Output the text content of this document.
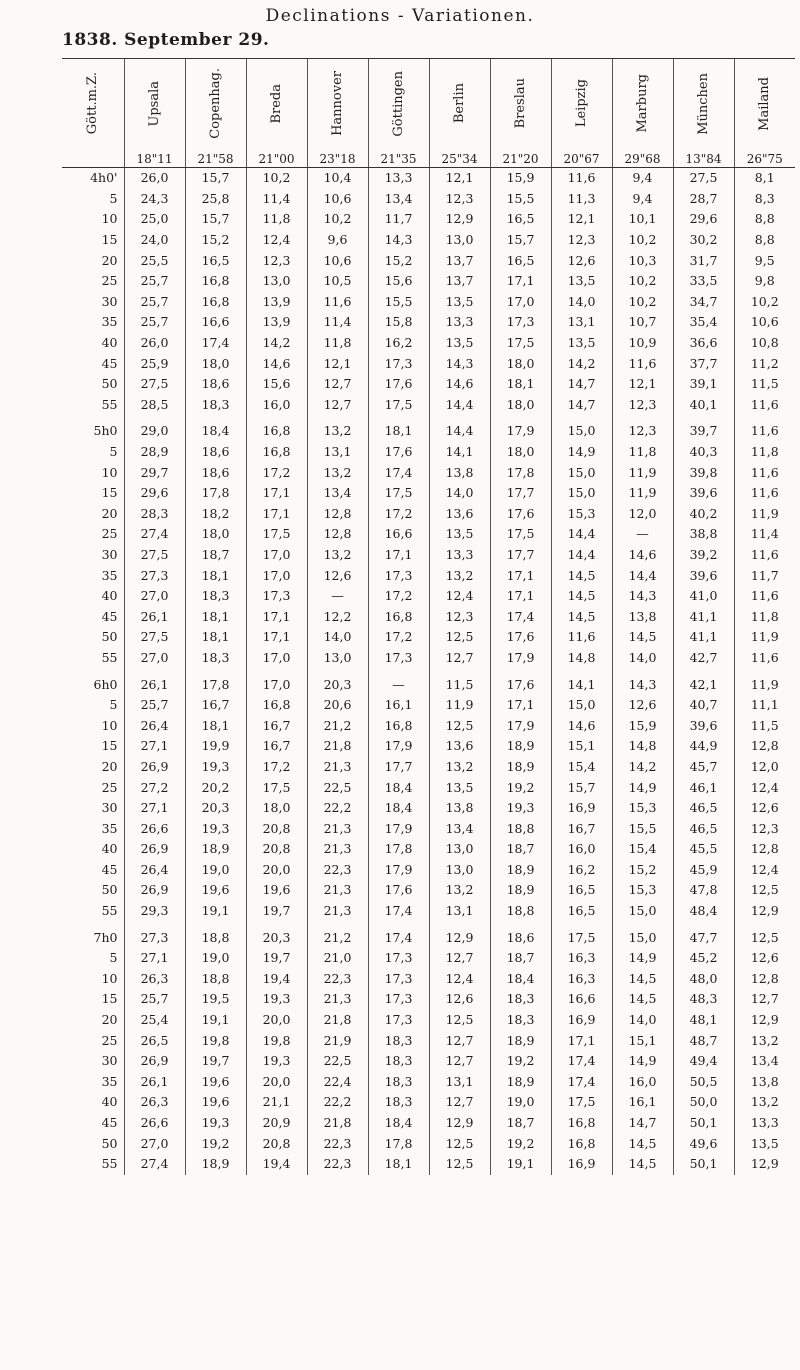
Declinations - Variationen.
1838. September 29.
Gött.m.Z.	Upsala	Copenhag.	Breda	Hannover	Göttingen	Berlin	Breslau	Leipzig	Marburg	München	Mailand
	18"11	21"58	21"00	23"18	21"35	25"34	21"20	20"67	29"68	13"84	26"75
4h0'	26,0	15,7	10,2	10,4	13,3	12,1	15,9	11,6	9,4	27,5	8,1
5	24,3	25,8	11,4	10,6	13,4	12,3	15,5	11,3	9,4	28,7	8,3
10	25,0	15,7	11,8	10,2	11,7	12,9	16,5	12,1	10,1	29,6	8,8
15	24,0	15,2	12,4	9,6	14,3	13,0	15,7	12,3	10,2	30,2	8,8
20	25,5	16,5	12,3	10,6	15,2	13,7	16,5	12,6	10,3	31,7	9,5
25	25,7	16,8	13,0	10,5	15,6	13,7	17,1	13,5	10,2	33,5	9,8
30	25,7	16,8	13,9	11,6	15,5	13,5	17,0	14,0	10,2	34,7	10,2
35	25,7	16,6	13,9	11,4	15,8	13,3	17,3	13,1	10,7	35,4	10,6
40	26,0	17,4	14,2	11,8	16,2	13,5	17,5	13,5	10,9	36,6	10,8
45	25,9	18,0	14,6	12,1	17,3	14,3	18,0	14,2	11,6	37,7	11,2
50	27,5	18,6	15,6	12,7	17,6	14,6	18,1	14,7	12,1	39,1	11,5
55	28,5	18,3	16,0	12,7	17,5	14,4	18,0	14,7	12,3	40,1	11,6

5h0	29,0	18,4	16,8	13,2	18,1	14,4	17,9	15,0	12,3	39,7	11,6
5	28,9	18,6	16,8	13,1	17,6	14,1	18,0	14,9	11,8	40,3	11,8
10	29,7	18,6	17,2	13,2	17,4	13,8	17,8	15,0	11,9	39,8	11,6
15	29,6	17,8	17,1	13,4	17,5	14,0	17,7	15,0	11,9	39,6	11,6
20	28,3	18,2	17,1	12,8	17,2	13,6	17,6	15,3	12,0	40,2	11,9
25	27,4	18,0	17,5	12,8	16,6	13,5	17,5	14,4	—	38,8	11,4
30	27,5	18,7	17,0	13,2	17,1	13,3	17,7	14,4	14,6	39,2	11,6
35	27,3	18,1	17,0	12,6	17,3	13,2	17,1	14,5	14,4	39,6	11,7
40	27,0	18,3	17,3	—	17,2	12,4	17,1	14,5	14,3	41,0	11,6
45	26,1	18,1	17,1	12,2	16,8	12,3	17,4	14,5	13,8	41,1	11,8
50	27,5	18,1	17,1	14,0	17,2	12,5	17,6	11,6	14,5	41,1	11,9
55	27,0	18,3	17,0	13,0	17,3	12,7	17,9	14,8	14,0	42,7	11,6

6h0	26,1	17,8	17,0	20,3	—	11,5	17,6	14,1	14,3	42,1	11,9
5	25,7	16,7	16,8	20,6	16,1	11,9	17,1	15,0	12,6	40,7	11,1
10	26,4	18,1	16,7	21,2	16,8	12,5	17,9	14,6	15,9	39,6	11,5
15	27,1	19,9	16,7	21,8	17,9	13,6	18,9	15,1	14,8	44,9	12,8
20	26,9	19,3	17,2	21,3	17,7	13,2	18,9	15,4	14,2	45,7	12,0
25	27,2	20,2	17,5	22,5	18,4	13,5	19,2	15,7	14,9	46,1	12,4
30	27,1	20,3	18,0	22,2	18,4	13,8	19,3	16,9	15,3	46,5	12,6
35	26,6	19,3	20,8	21,3	17,9	13,4	18,8	16,7	15,5	46,5	12,3
40	26,9	18,9	20,8	21,3	17,8	13,0	18,7	16,0	15,4	45,5	12,8
45	26,4	19,0	20,0	22,3	17,9	13,0	18,9	16,2	15,2	45,9	12,4
50	26,9	19,6	19,6	21,3	17,6	13,2	18,9	16,5	15,3	47,8	12,5
55	29,3	19,1	19,7	21,3	17,4	13,1	18,8	16,5	15,0	48,4	12,9

7h0	27,3	18,8	20,3	21,2	17,4	12,9	18,6	17,5	15,0	47,7	12,5
5	27,1	19,0	19,7	21,0	17,3	12,7	18,7	16,3	14,9	45,2	12,6
10	26,3	18,8	19,4	22,3	17,3	12,4	18,4	16,3	14,5	48,0	12,8
15	25,7	19,5	19,3	21,3	17,3	12,6	18,3	16,6	14,5	48,3	12,7
20	25,4	19,1	20,0	21,8	17,3	12,5	18,3	16,9	14,0	48,1	12,9
25	26,5	19,8	19,8	21,9	18,3	12,7	18,9	17,1	15,1	48,7	13,2
30	26,9	19,7	19,3	22,5	18,3	12,7	19,2	17,4	14,9	49,4	13,4
35	26,1	19,6	20,0	22,4	18,3	13,1	18,9	17,4	16,0	50,5	13,8
40	26,3	19,6	21,1	22,2	18,3	12,7	19,0	17,5	16,1	50,0	13,2
45	26,6	19,3	20,9	21,8	18,4	12,9	18,7	16,8	14,7	50,1	13,3
50	27,0	19,2	20,8	22,3	17,8	12,5	19,2	16,8	14,5	49,6	13,5
55	27,4	18,9	19,4	22,3	18,1	12,5	19,1	16,9	14,5	50,1	12,9
